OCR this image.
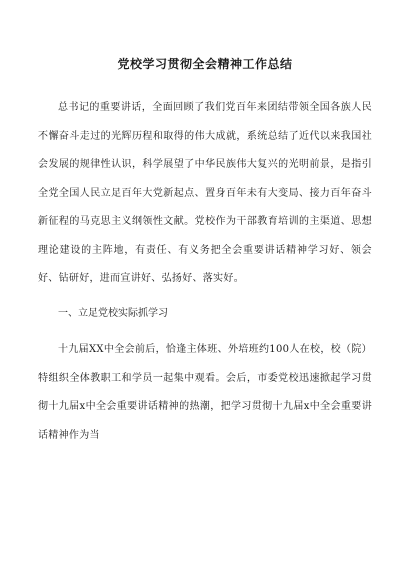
党校学习贯彻全会精神工作总结

总书记的重要讲话，全面回顾了我们党百年来团结带领全国各族人民不懈奋斗走过的光辉历程和取得的伟大成就，系统总结了近代以来我国社会发展的规律性认识，科学展望了中华民族伟大复兴的光明前景，是指引全党全国人民立足百年大党新起点、置身百年未有大变局、接力百年奋斗新征程的马克思主义纲领性文献。党校作为干部教育培训的主渠道、思想理论建设的主阵地，有责任、有义务把全会重要讲话精神学习好、领会好、钻研好，进而宣讲好、弘扬好、落实好。

一、立足党校实际抓学习

十九届XX中全会前后，恰逢主体班、外培班约100人在校，校（院）特组织全体教职工和学员一起集中观看。会后，市委党校迅速掀起学习贯彻十九届x中全会重要讲话精神的热潮，把学习贯彻十九届x中全会重要讲话精神作为当
